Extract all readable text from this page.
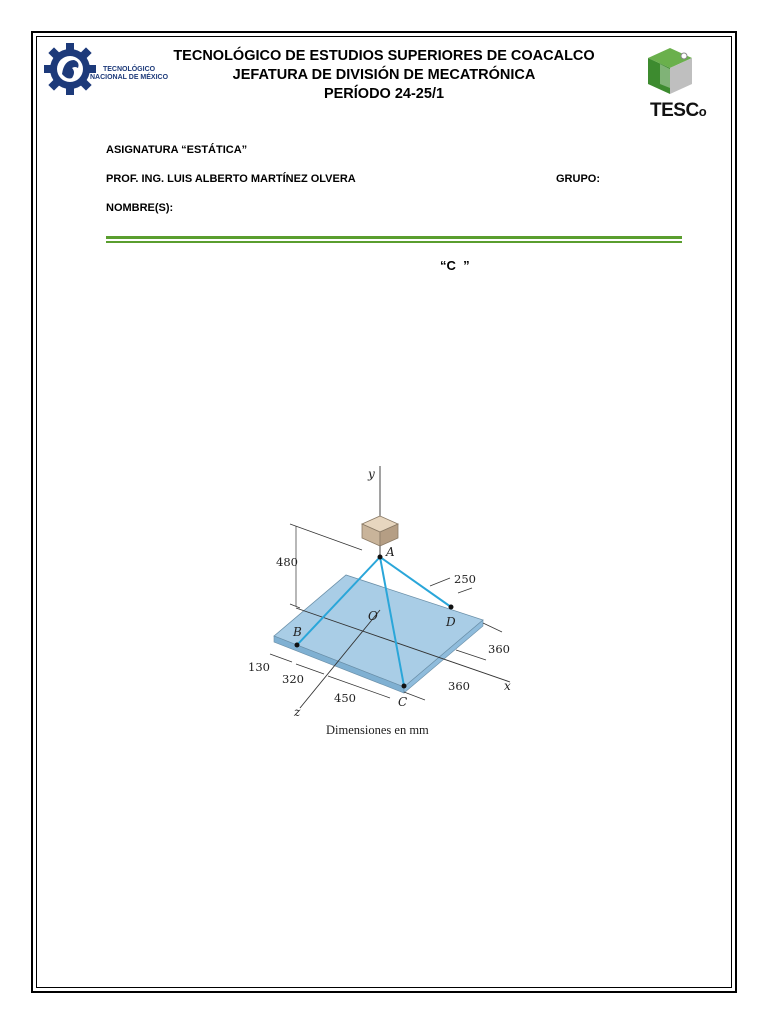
TECNOLÓGICO
NACIONAL DE MÉXICO
TECNOLÓGICO DE ESTUDIOS SUPERIORES DE COACALCO
JEFATURA DE DIVISIÓN DE MECATRÓNICA
PERÍODO 24-25/1
TESCo
ASIGNATURA “ESTÁTICA”
PROF. ING. LUIS ALBERTO MARTÍNEZ OLVERA	GRUPO:
NOMBRE(S):
“C  ”
y
A
B
C
D
O
x
z
480
250
360
360
130
320
450
Dimensiones en mm
